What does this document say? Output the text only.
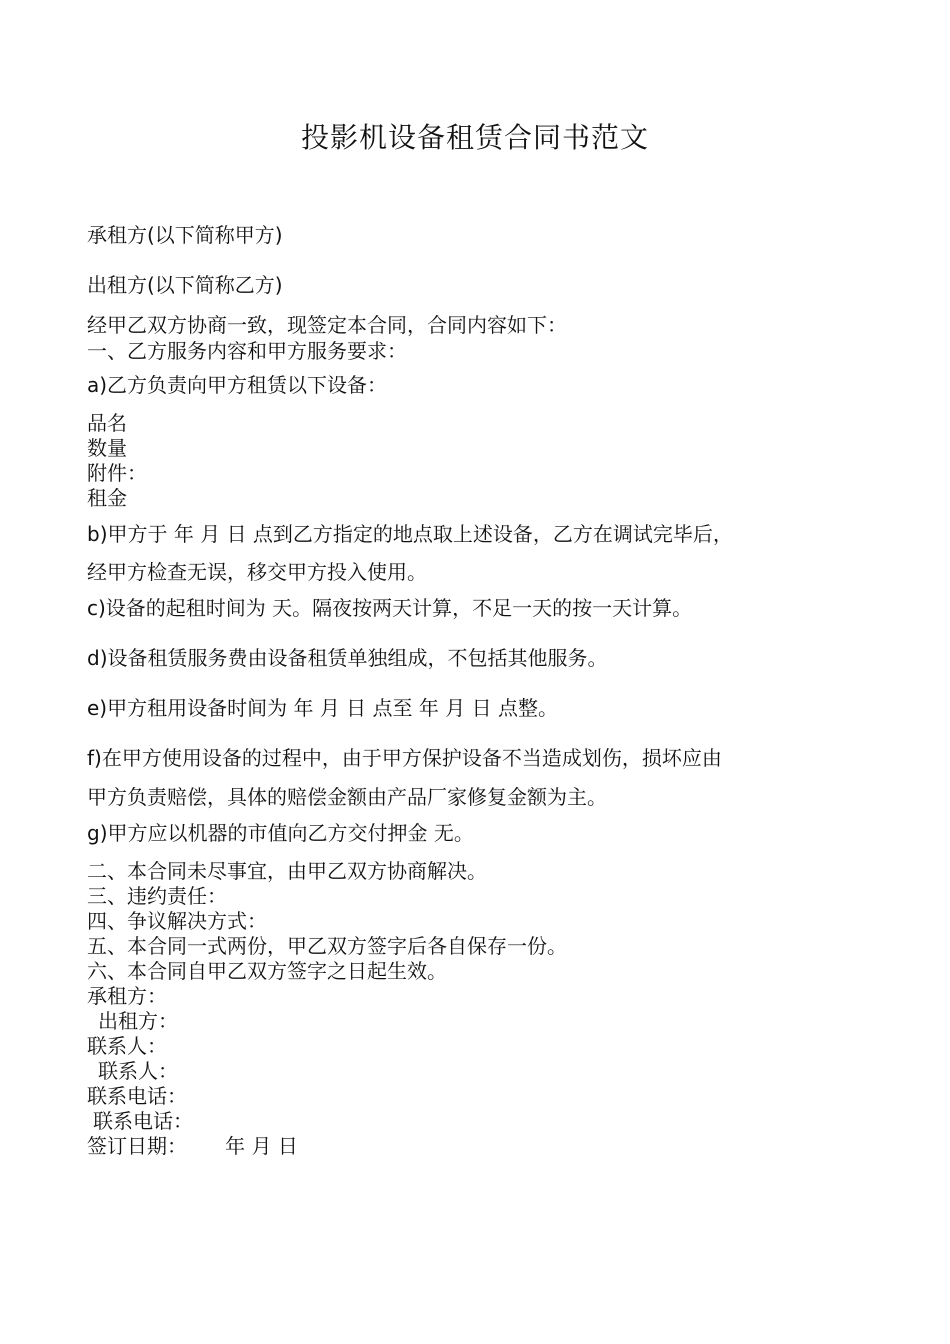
投影机设备租赁合同书范文
承租方(以下简称甲方)
出租方(以下简称乙方)
经甲乙双方协商一致，现签定本合同，合同内容如下：
一、乙方服务内容和甲方服务要求：
a)乙方负责向甲方租赁以下设备：
品名
数量
附件：
租金
b)甲方于 年 月 日 点到乙方指定的地点取上述设备，乙方在调试完毕后，
经甲方检查无误，移交甲方投入使用。
c)设备的起租时间为 天。隔夜按两天计算，不足一天的按一天计算。
d)设备租赁服务费由设备租赁单独组成，不包括其他服务。
e)甲方租用设备时间为 年 月 日 点至 年 月 日 点整。
f)在甲方使用设备的过程中，由于甲方保护设备不当造成划伤，损坏应由
甲方负责赔偿，具体的赔偿金额由产品厂家修复金额为主。
g)甲方应以机器的市值向乙方交付押金 无。
二、本合同未尽事宜，由甲乙双方协商解决。
三、违约责任：
四、争议解决方式：
五、本合同一式两份，甲乙双方签字后各自保存一份。
六、本合同自甲乙双方签字之日起生效。
承租方：
出租方：
联系人：
联系人：
联系电话：
联系电话：
签订日期：      年 月 日
